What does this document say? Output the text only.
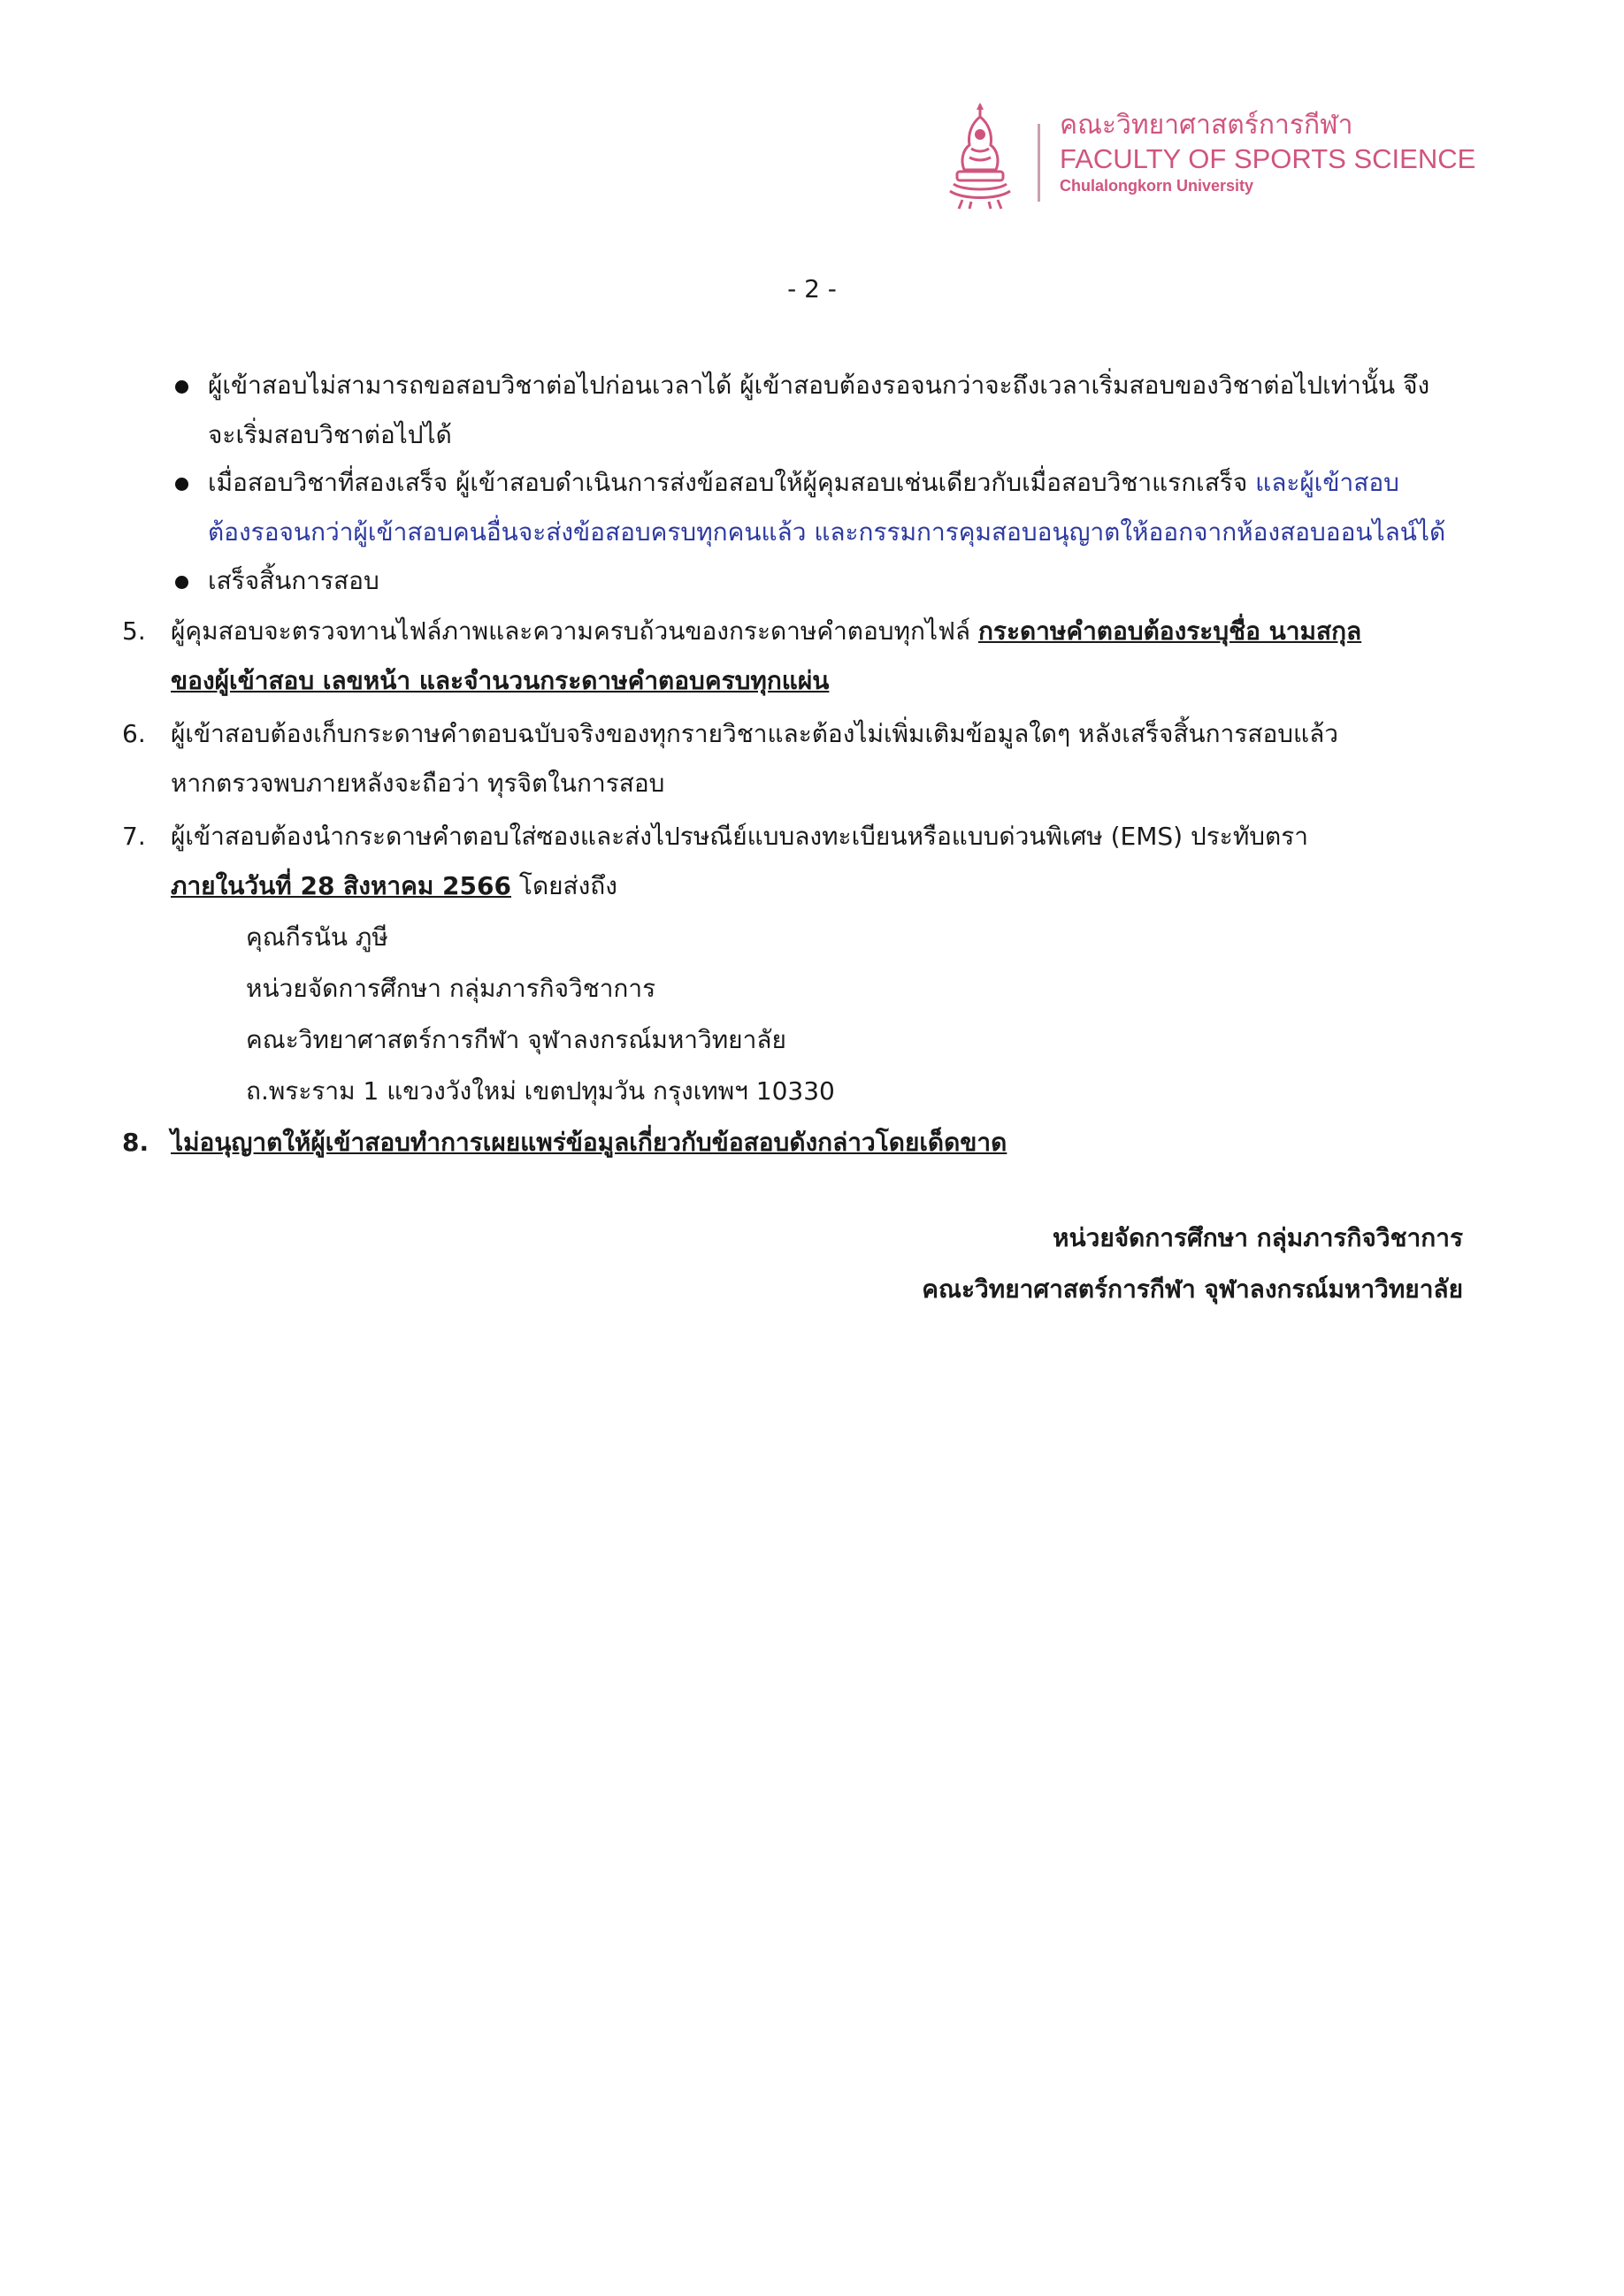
คณะวิทยาศาสตร์การกีฬา
FACULTY OF SPORTS SCIENCE
Chulalongkorn University
- 2 -
ผู้เข้าสอบไม่สามารถขอสอบวิชาต่อไปก่อนเวลาได้ ผู้เข้าสอบต้องรอจนกว่าจะถึงเวลาเริ่มสอบของวิชาต่อไปเท่านั้น จึง
จะเริ่มสอบวิชาต่อไปได้
เมื่อสอบวิชาที่สองเสร็จ ผู้เข้าสอบดำเนินการส่งข้อสอบให้ผู้คุมสอบเช่นเดียวกับเมื่อสอบวิชาแรกเสร็จ และผู้เข้าสอบ
ต้องรอจนกว่าผู้เข้าสอบคนอื่นจะส่งข้อสอบครบทุกคนแล้ว และกรรมการคุมสอบอนุญาตให้ออกจากห้องสอบออนไลน์ได้
เสร็จสิ้นการสอบ
5. ผู้คุมสอบจะตรวจทานไฟล์ภาพและความครบถ้วนของกระดาษคำตอบทุกไฟล์ กระดาษคำตอบต้องระบุชื่อ นามสกุล
ของผู้เข้าสอบ เลขหน้า และจำนวนกระดาษคำตอบครบทุกแผ่น
6. ผู้เข้าสอบต้องเก็บกระดาษคำตอบฉบับจริงของทุกรายวิชาและต้องไม่เพิ่มเติมข้อมูลใดๆ หลังเสร็จสิ้นการสอบแล้ว
หากตรวจพบภายหลังจะถือว่า ทุรจิตในการสอบ
7. ผู้เข้าสอบต้องนำกระดาษคำตอบใส่ซองและส่งไปรษณีย์แบบลงทะเบียนหรือแบบด่วนพิเศษ (EMS) ประทับตรา
ภายในวันที่ 28 สิงหาคม 2566 โดยส่งถึง
คุณกีรนัน ภูษี
หน่วยจัดการศึกษา กลุ่มภารกิจวิชาการ
คณะวิทยาศาสตร์การกีฬา จุฬาลงกรณ์มหาวิทยาลัย
ถ.พระราม 1 แขวงวังใหม่ เขตปทุมวัน กรุงเทพฯ 10330
8. ไม่อนุญาตให้ผู้เข้าสอบทำการเผยแพร่ข้อมูลเกี่ยวกับข้อสอบดังกล่าวโดยเด็ดขาด
หน่วยจัดการศึกษา กลุ่มภารกิจวิชาการ
คณะวิทยาศาสตร์การกีฬา จุฬาลงกรณ์มหาวิทยาลัย
